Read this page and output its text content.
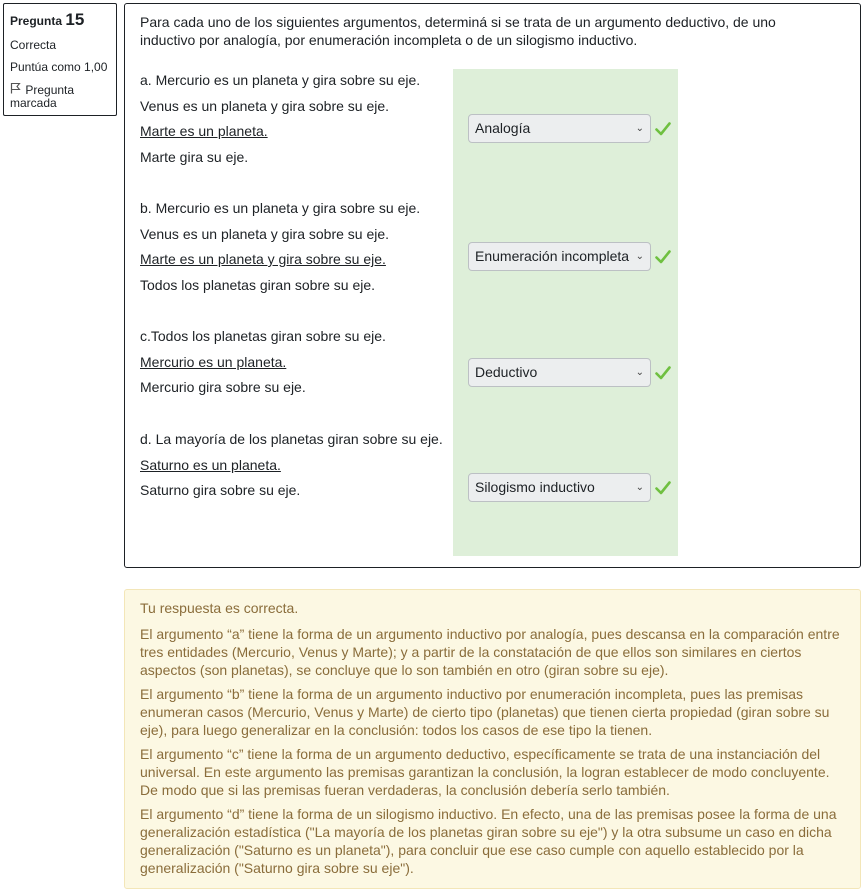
Pregunta 15
Correcta
Puntúa como 1,00
Pregunta marcada
Para cada uno de los siguientes argumentos, determiná si se trata de un argumento deductivo, de uno inductivo por analogía, por enumeración incompleta o de un silogismo inductivo.
a. Mercurio es un planeta y gira sobre su eje.
Venus es un planeta y gira sobre su eje.
Marte es un planeta.
Marte gira su eje.
Analogía	⌄
b. Mercurio es un planeta y gira sobre su eje.
Venus es un planeta y gira sobre su eje.
Marte es un planeta y gira sobre su eje.
Todos los planetas giran sobre su eje.
Enumeración incompleta ⌄
c.Todos los planetas giran sobre su eje.
Mercurio es un planeta.
Mercurio gira sobre su eje.
Deductivo	⌄
d. La mayoría de los planetas giran sobre su eje.
Saturno es un planeta.
Saturno gira sobre su eje.	Silogismo inductivo	⌄

Tu respuesta es correcta.

El argumento “a” tiene la forma de un argumento inductivo por analogía, pues descansa en la comparación entre tres entidades (Mercurio, Venus y Marte); y a partir de la constatación de que ellos son similares en ciertos aspectos (son planetas), se concluye que lo son también en otro (giran sobre su eje).

El argumento “b” tiene la forma de un argumento inductivo por enumeración incompleta, pues las premisas enumeran casos (Mercurio, Venus y Marte) de cierto tipo (planetas) que tienen cierta propiedad (giran sobre su eje), para luego generalizar en la conclusión: todos los casos de ese tipo la tienen.

El argumento “c” tiene la forma de un argumento deductivo, específicamente se trata de una instanciación del universal. En este argumento las premisas garantizan la conclusión, la logran establecer de modo concluyente. De modo que si las premisas fueran verdaderas, la conclusión debería serlo también.

El argumento “d” tiene la forma de un silogismo inductivo. En efecto, una de las premisas posee la forma de una generalización estadística ("La mayoría de los planetas giran sobre su eje") y la otra subsume un caso en dicha generalización ("Saturno es un planeta"), para concluir que ese caso cumple con aquello establecido por la generalización ("Saturno gira sobre su eje").
